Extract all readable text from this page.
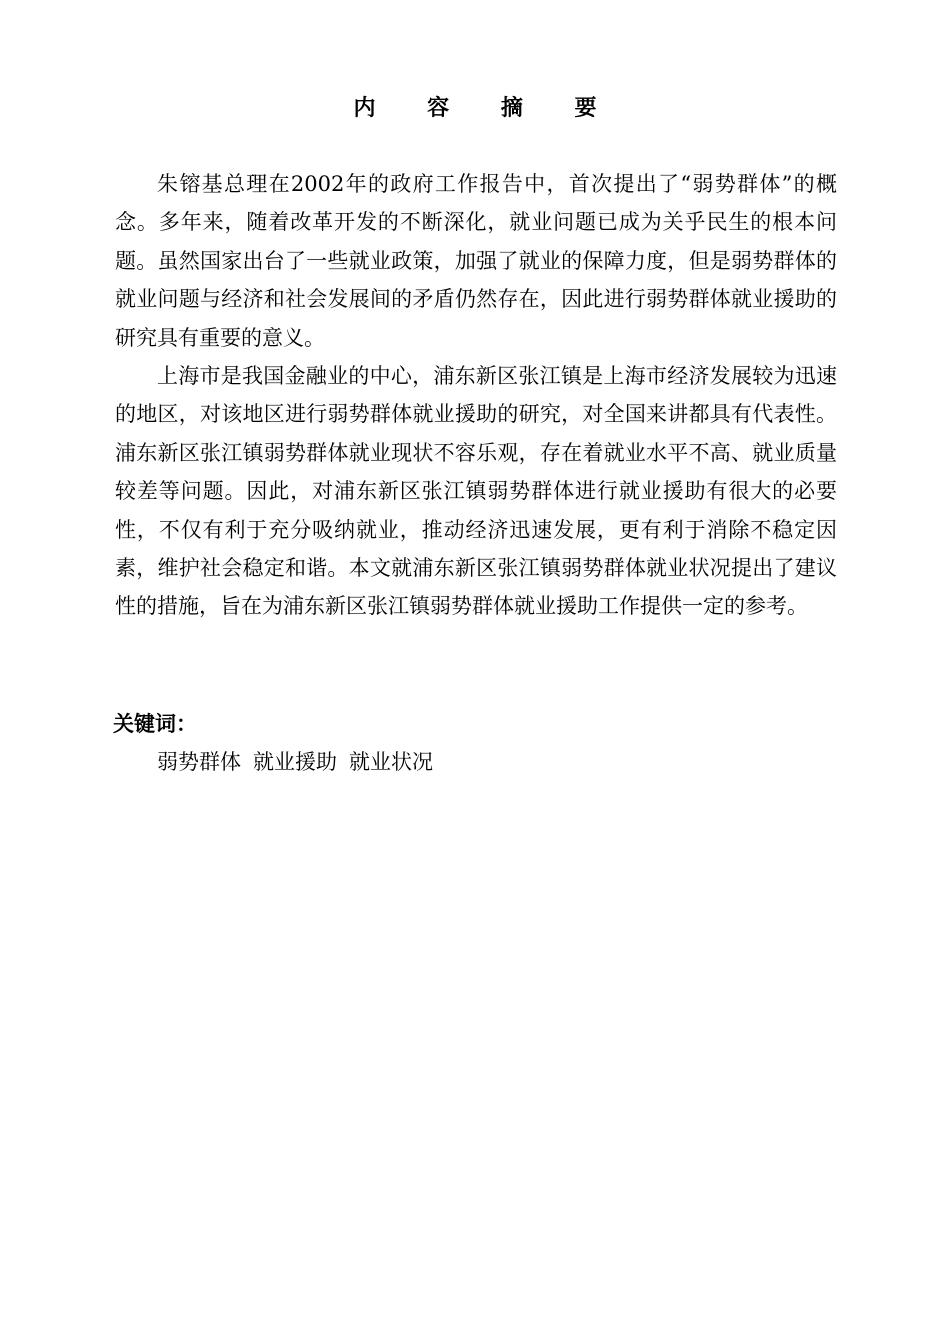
内 容 摘 要

朱镕基总理在2002年的政府工作报告中，首次提出了“弱势群体”的概念。多年来，随着改革开发的不断深化，就业问题已成为关乎民生的根本问题。虽然国家出台了一些就业政策，加强了就业的保障力度，但是弱势群体的就业问题与经济和社会发展间的矛盾仍然存在，因此进行弱势群体就业援助的研究具有重要的意义。

上海市是我国金融业的中心，浦东新区张江镇是上海市经济发展较为迅速的地区，对该地区进行弱势群体就业援助的研究，对全国来讲都具有代表性。浦东新区张江镇弱势群体就业现状不容乐观，存在着就业水平不高、就业质量较差等问题。因此，对浦东新区张江镇弱势群体进行就业援助有很大的必要性，不仅有利于充分吸纳就业，推动经济迅速发展，更有利于消除不稳定因素，维护社会稳定和谐。本文就浦东新区张江镇弱势群体就业状况提出了建议性的措施，旨在为浦东新区张江镇弱势群体就业援助工作提供一定的参考。

关键词：
弱势群体 就业援助 就业状况
